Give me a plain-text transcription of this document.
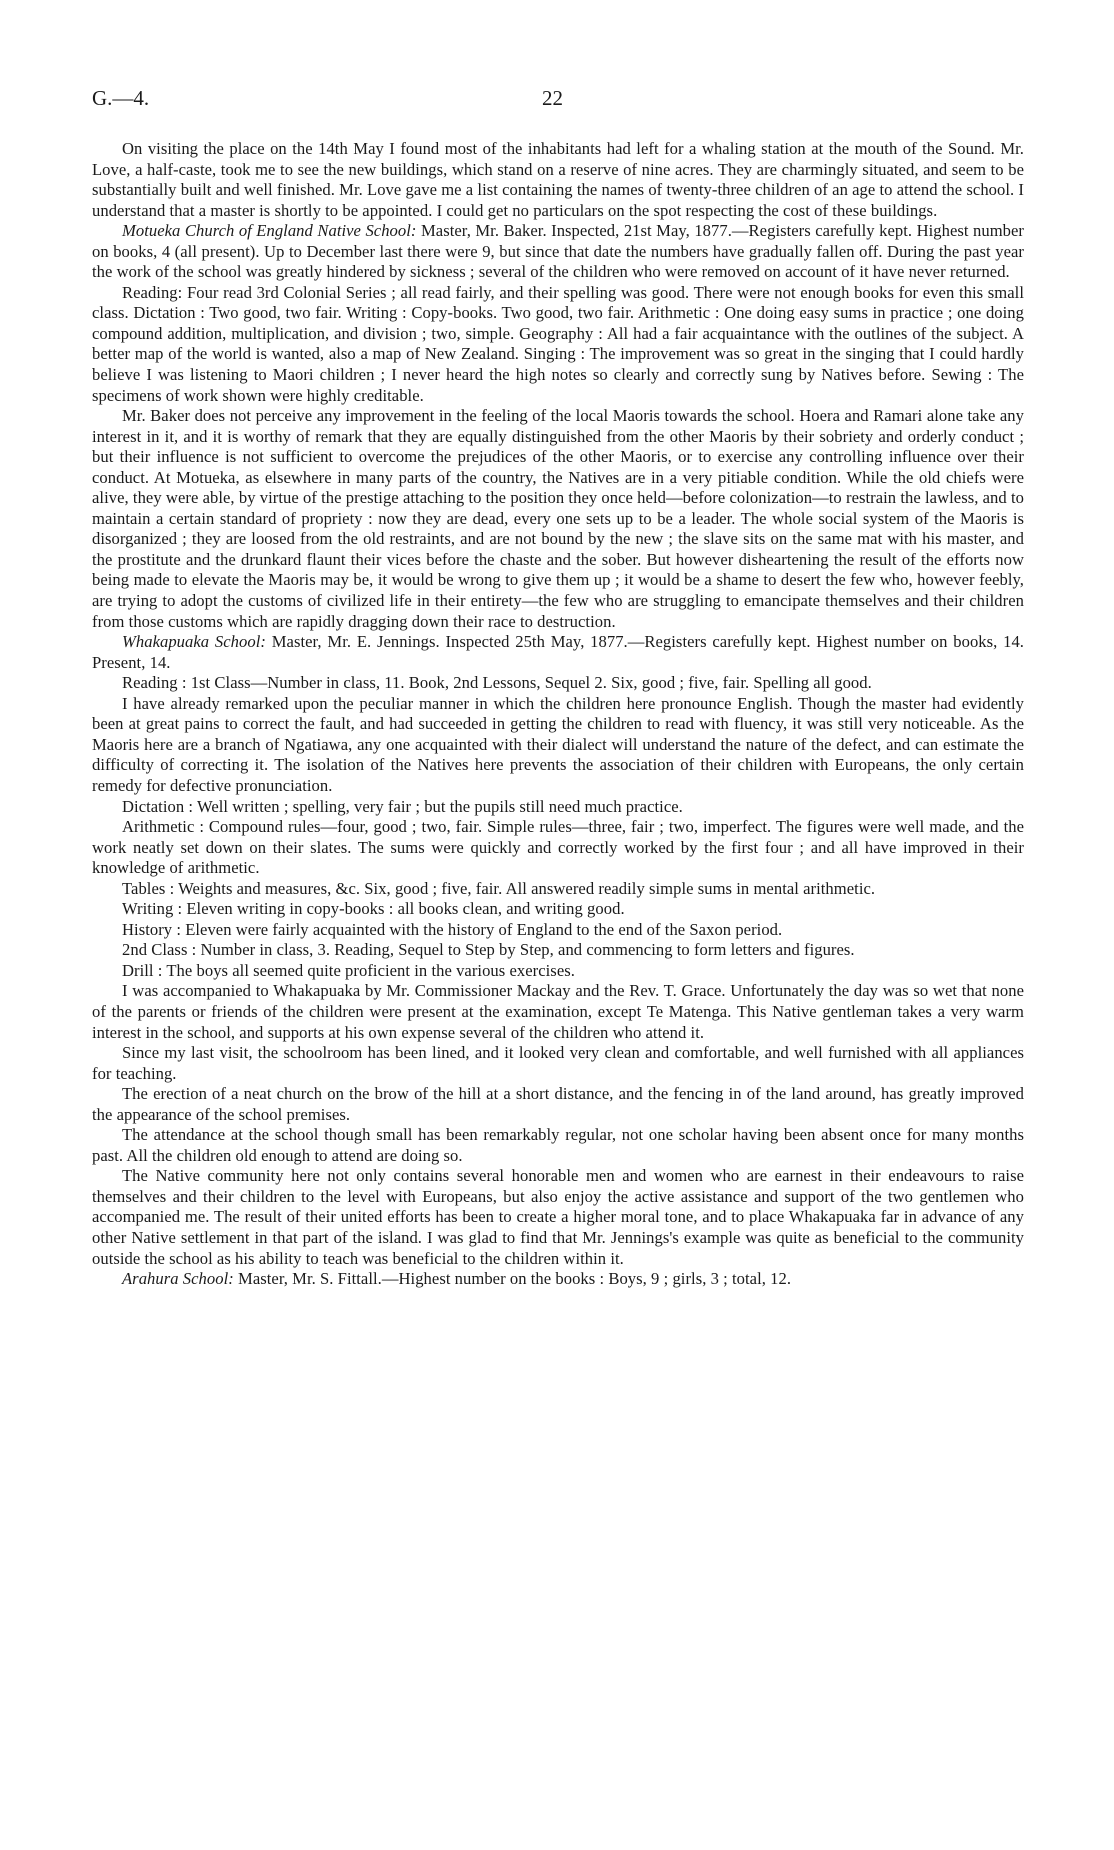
G.—4.	22

On visiting the place on the 14th May I found most of the inhabitants had left for a whaling station at the mouth of the Sound. Mr. Love, a half-caste, took me to see the new buildings, which stand on a reserve of nine acres. They are charmingly situated, and seem to be substantially built and well finished. Mr. Love gave me a list containing the names of twenty-three children of an age to attend the school. I understand that a master is shortly to be appointed. I could get no particulars on the spot respecting the cost of these buildings.

Motueka Church of England Native School: Master, Mr. Baker. Inspected, 21st May, 1877.—Registers carefully kept. Highest number on books, 4 (all present). Up to December last there were 9, but since that date the numbers have gradually fallen off. During the past year the work of the school was greatly hindered by sickness ; several of the children who were removed on account of it have never returned.

Reading: Four read 3rd Colonial Series ; all read fairly, and their spelling was good. There were not enough books for even this small class. Dictation : Two good, two fair. Writing : Copy-books. Two good, two fair. Arithmetic : One doing easy sums in practice ; one doing compound addition, multiplication, and division ; two, simple. Geography : All had a fair acquaintance with the outlines of the subject. A better map of the world is wanted, also a map of New Zealand. Singing : The improvement was so great in the singing that I could hardly believe I was listening to Maori children ; I never heard the high notes so clearly and correctly sung by Natives before. Sewing : The specimens of work shown were highly creditable.

Mr. Baker does not perceive any improvement in the feeling of the local Maoris towards the school. Hoera and Ramari alone take any interest in it, and it is worthy of remark that they are equally distinguished from the other Maoris by their sobriety and orderly conduct ; but their influence is not sufficient to overcome the prejudices of the other Maoris, or to exercise any controlling influence over their conduct. At Motueka, as elsewhere in many parts of the country, the Natives are in a very pitiable condition. While the old chiefs were alive, they were able, by virtue of the prestige attaching to the position they once held—before colonization—to restrain the lawless, and to maintain a certain standard of propriety : now they are dead, every one sets up to be a leader. The whole social system of the Maoris is disorganized ; they are loosed from the old restraints, and are not bound by the new ; the slave sits on the same mat with his master, and the prostitute and the drunkard flaunt their vices before the chaste and the sober. But however disheartening the result of the efforts now being made to elevate the Maoris may be, it would be wrong to give them up ; it would be a shame to desert the few who, however feebly, are trying to adopt the customs of civilized life in their entirety—the few who are struggling to emancipate themselves and their children from those customs which are rapidly dragging down their race to destruction.

Whakapuaka School: Master, Mr. E. Jennings. Inspected 25th May, 1877.—Registers carefully kept. Highest number on books, 14. Present, 14.

Reading : 1st Class—Number in class, 11. Book, 2nd Lessons, Sequel 2. Six, good ; five, fair. Spelling all good.

I have already remarked upon the peculiar manner in which the children here pronounce English. Though the master had evidently been at great pains to correct the fault, and had succeeded in getting the children to read with fluency, it was still very noticeable. As the Maoris here are a branch of Ngatiawa, any one acquainted with their dialect will understand the nature of the defect, and can estimate the difficulty of correcting it. The isolation of the Natives here prevents the association of their children with Europeans, the only certain remedy for defective pronunciation.

Dictation : Well written ; spelling, very fair ; but the pupils still need much practice.

Arithmetic : Compound rules—four, good ; two, fair. Simple rules—three, fair ; two, imperfect. The figures were well made, and the work neatly set down on their slates. The sums were quickly and correctly worked by the first four ; and all have improved in their knowledge of arithmetic.

Tables : Weights and measures, &c. Six, good ; five, fair. All answered readily simple sums in mental arithmetic.

Writing : Eleven writing in copy-books : all books clean, and writing good.

History : Eleven were fairly acquainted with the history of England to the end of the Saxon period.

2nd Class : Number in class, 3. Reading, Sequel to Step by Step, and commencing to form letters and figures.

Drill : The boys all seemed quite proficient in the various exercises.

I was accompanied to Whakapuaka by Mr. Commissioner Mackay and the Rev. T. Grace. Unfortunately the day was so wet that none of the parents or friends of the children were present at the examination, except Te Matenga. This Native gentleman takes a very warm interest in the school, and supports at his own expense several of the children who attend it.

Since my last visit, the schoolroom has been lined, and it looked very clean and comfortable, and well furnished with all appliances for teaching.

The erection of a neat church on the brow of the hill at a short distance, and the fencing in of the land around, has greatly improved the appearance of the school premises.

The attendance at the school though small has been remarkably regular, not one scholar having been absent once for many months past. All the children old enough to attend are doing so.

The Native community here not only contains several honorable men and women who are earnest in their endeavours to raise themselves and their children to the level with Europeans, but also enjoy the active assistance and support of the two gentlemen who accompanied me. The result of their united efforts has been to create a higher moral tone, and to place Whakapuaka far in advance of any other Native settlement in that part of the island. I was glad to find that Mr. Jennings's example was quite as beneficial to the community outside the school as his ability to teach was beneficial to the children within it.

Arahura School: Master, Mr. S. Fittall.—Highest number on the books : Boys, 9 ; girls, 3 ; total, 12.
